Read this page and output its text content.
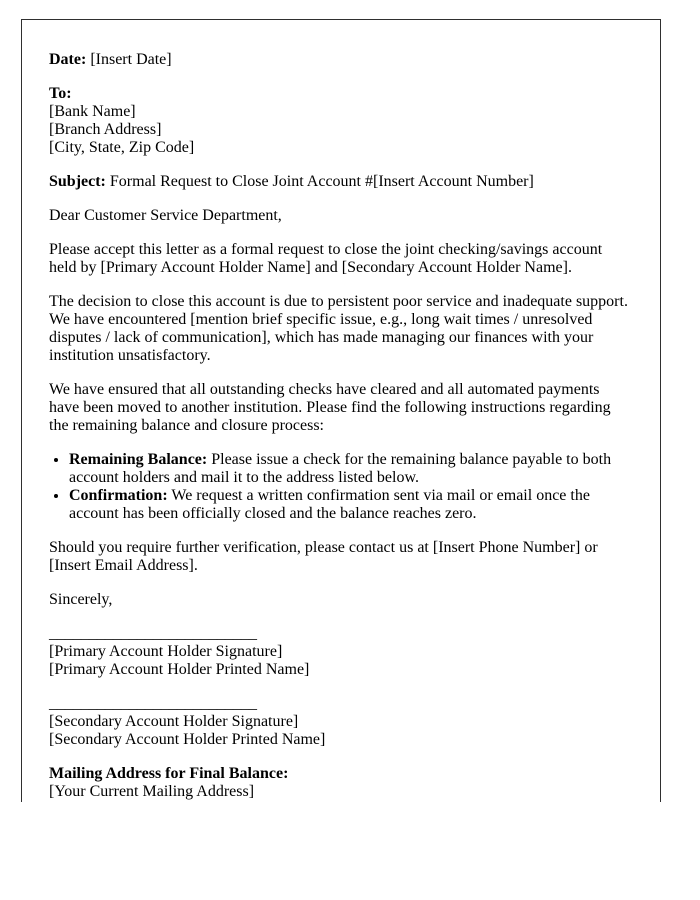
Date: [Insert Date]

To:
[Bank Name]
[Branch Address]
[City, State, Zip Code]

Subject: Formal Request to Close Joint Account #[Insert Account Number]

Dear Customer Service Department,

Please accept this letter as a formal request to close the joint checking/savings account held by [Primary Account Holder Name] and [Secondary Account Holder Name].

The decision to close this account is due to persistent poor service and inadequate support. We have encountered [mention brief specific issue, e.g., long wait times / unresolved disputes / lack of communication], which has made managing our finances with your institution unsatisfactory.

We have ensured that all outstanding checks have cleared and all automated payments have been moved to another institution. Please find the following instructions regarding the remaining balance and closure process:

• Remaining Balance: Please issue a check for the remaining balance payable to both account holders and mail it to the address listed below.
• Confirmation: We request a written confirmation sent via mail or email once the account has been officially closed and the balance reaches zero.

Should you require further verification, please contact us at [Insert Phone Number] or [Insert Email Address].

Sincerely,

__________________________
[Primary Account Holder Signature]
[Primary Account Holder Printed Name]

__________________________
[Secondary Account Holder Signature]
[Secondary Account Holder Printed Name]

Mailing Address for Final Balance:
[Your Current Mailing Address]
